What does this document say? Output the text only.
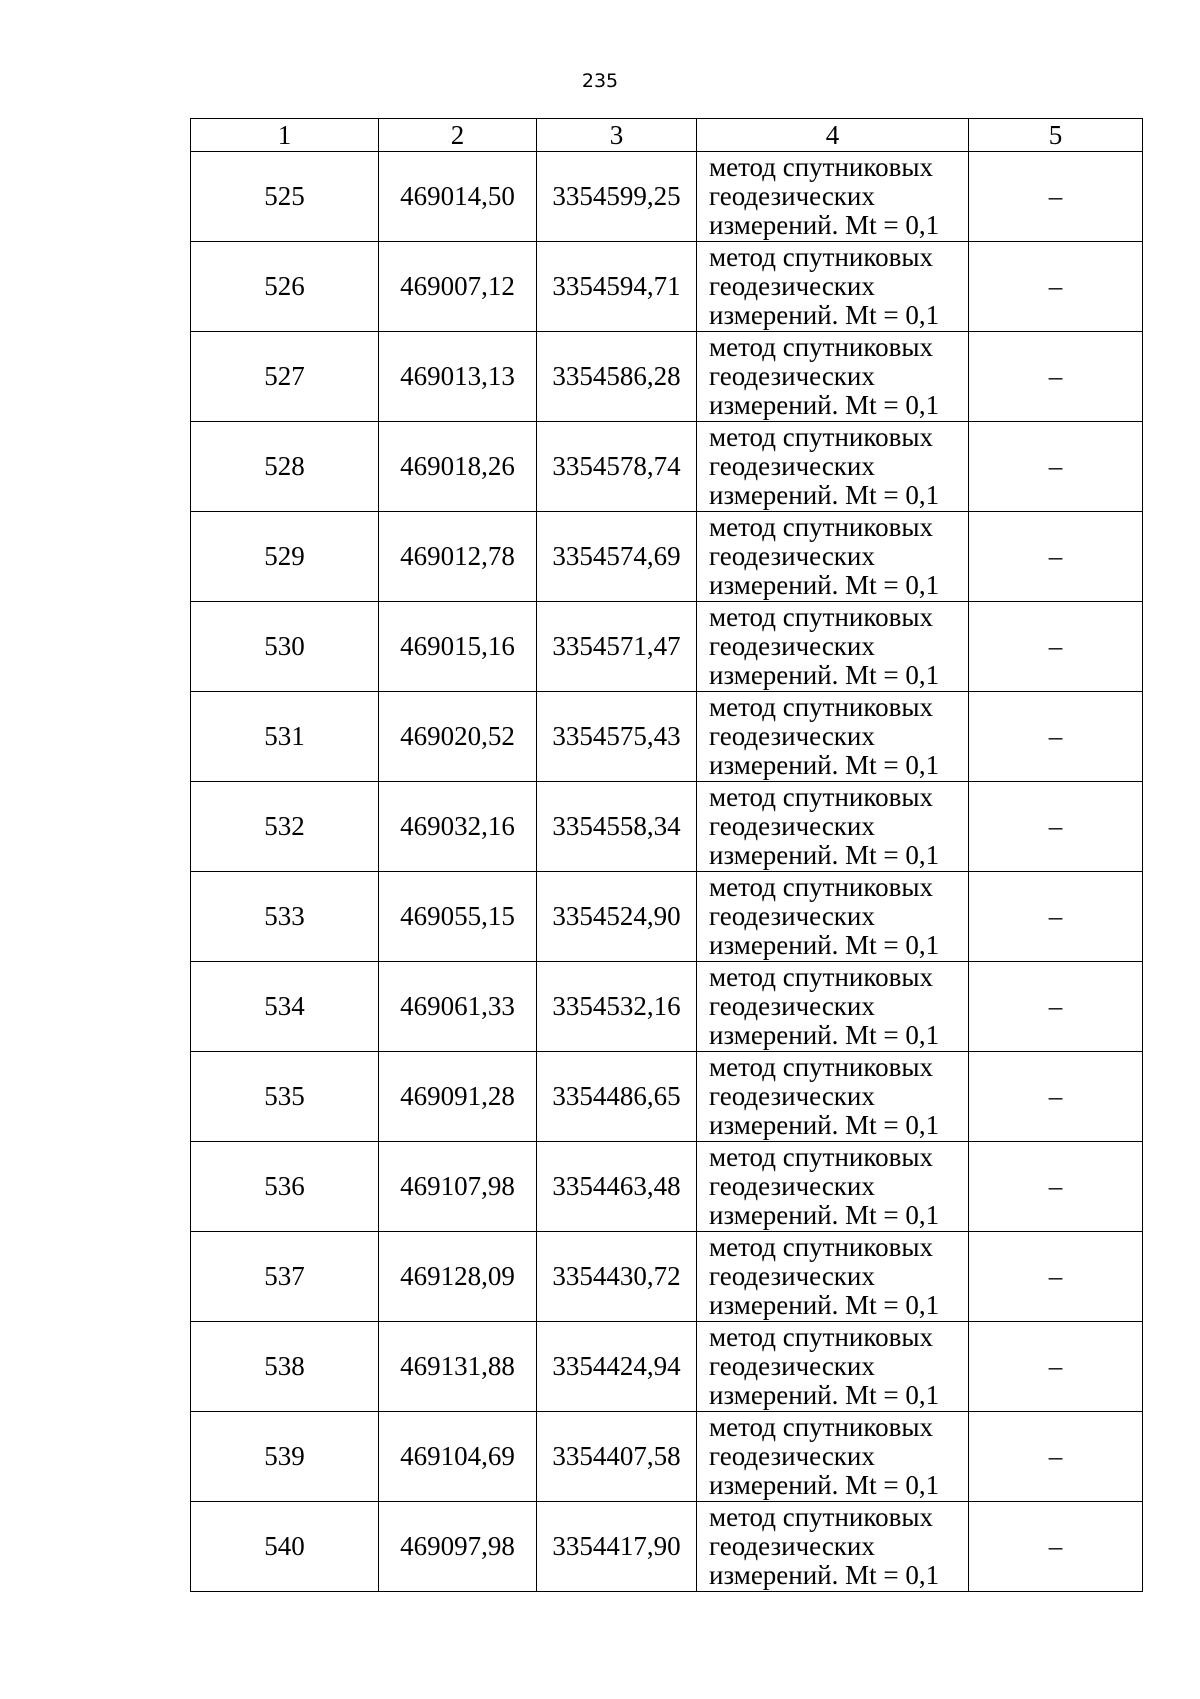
235
1	2	3	4	5
525	469014,50	3354599,25	метод спутниковых
геодезических
измерений. Mt = 0,1	–
526	469007,12	3354594,71	метод спутниковых
геодезических
измерений. Mt = 0,1	–
527	469013,13	3354586,28	метод спутниковых
геодезических
измерений. Mt = 0,1	–
528	469018,26	3354578,74	метод спутниковых
геодезических
измерений. Mt = 0,1	–
529	469012,78	3354574,69	метод спутниковых
геодезических
измерений. Mt = 0,1	–
530	469015,16	3354571,47	метод спутниковых
геодезических
измерений. Mt = 0,1	–
531	469020,52	3354575,43	метод спутниковых
геодезических
измерений. Mt = 0,1	–
532	469032,16	3354558,34	метод спутниковых
геодезических
измерений. Mt = 0,1	–
533	469055,15	3354524,90	метод спутниковых
геодезических
измерений. Mt = 0,1	–
534	469061,33	3354532,16	метод спутниковых
геодезических
измерений. Mt = 0,1	–
535	469091,28	3354486,65	метод спутниковых
геодезических
измерений. Mt = 0,1	–
536	469107,98	3354463,48	метод спутниковых
геодезических
измерений. Mt = 0,1	–
537	469128,09	3354430,72	метод спутниковых
геодезических
измерений. Mt = 0,1	–
538	469131,88	3354424,94	метод спутниковых
геодезических
измерений. Mt = 0,1	–
539	469104,69	3354407,58	метод спутниковых
геодезических
измерений. Mt = 0,1	–
540	469097,98	3354417,90	метод спутниковых
геодезических
измерений. Mt = 0,1	–
